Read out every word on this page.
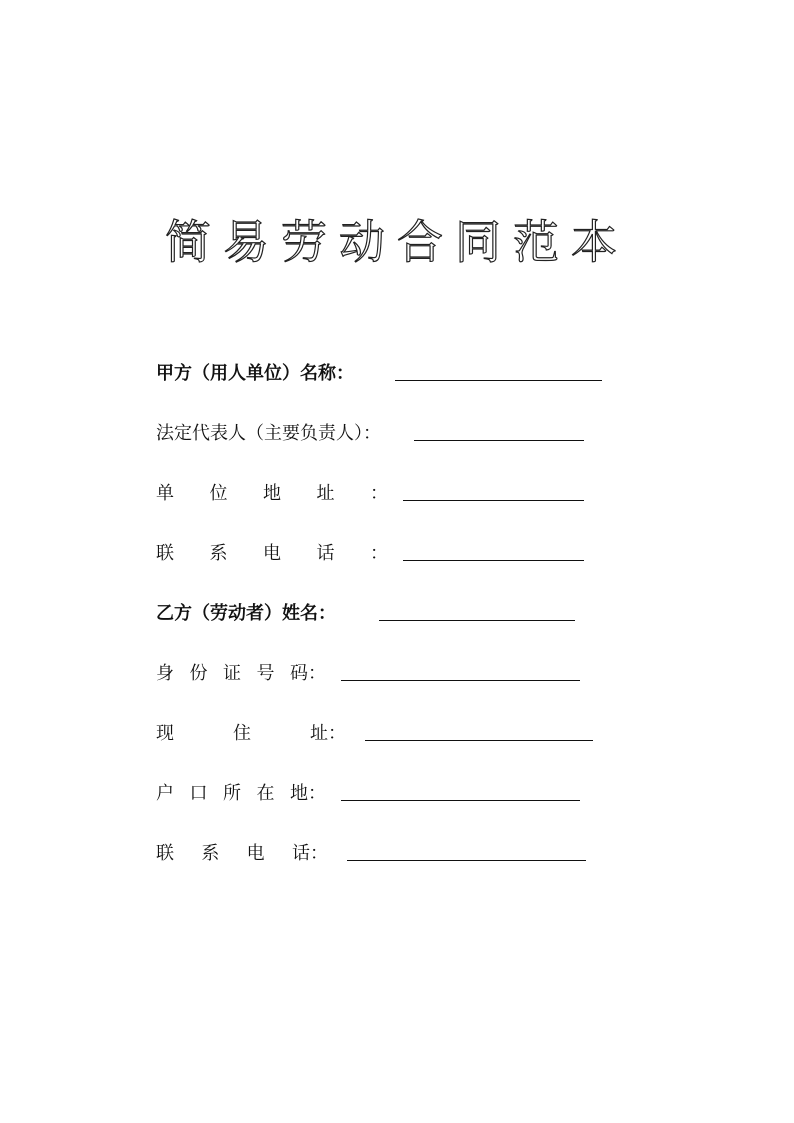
简易劳动合同范本
甲方（用人单位）名称：
法定代表人（主要负责人）：
单 位 地 址 ：
联 系 电 话 ：
乙方（劳动者）姓名：
身 份 证 号 码：
现	住	址：
户 口 所 在 地：
联 系 电 话：
